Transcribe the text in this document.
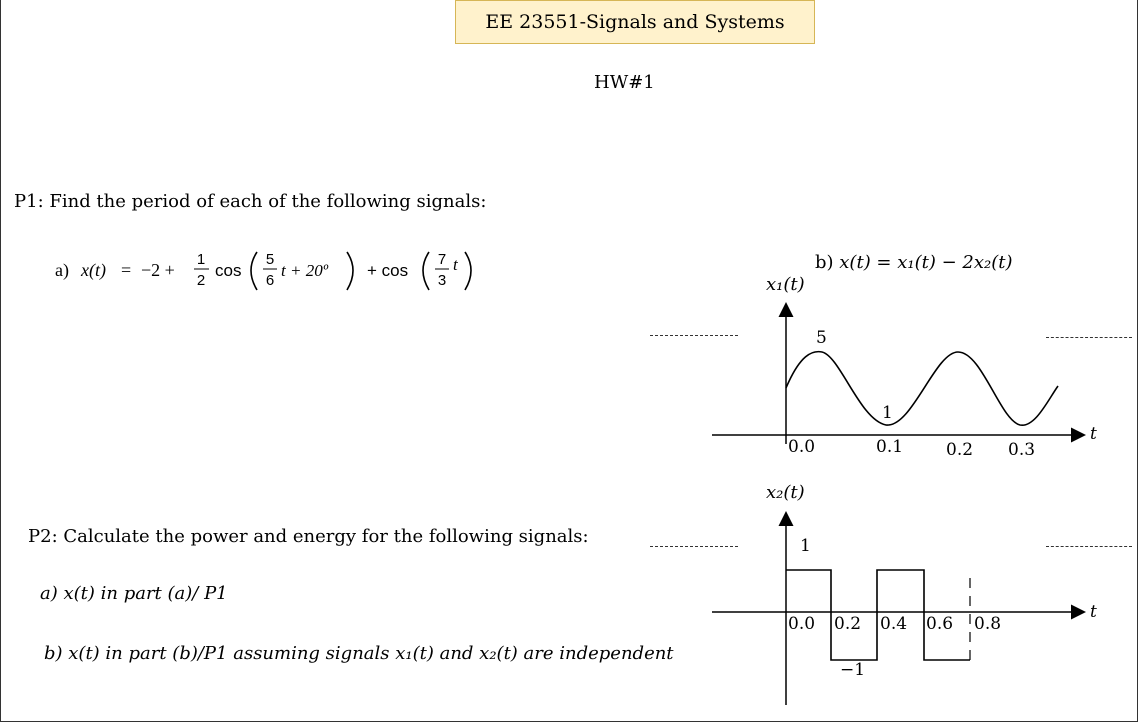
EE 23551-Signals and Systems
HW#1
P1: Find the period of each of the following signals:
a) x(t) = −2 +
1
2
cos
5
6
t + 20º + cos
7
3
t	b) x(t) = x₁(t) − 2x₂(t)
P2: Calculate the power and energy for the following signals:
a) x(t) in part (a)/ P1
b) x(t) in part (b)/P1 assuming signals x₁(t) and x₂(t) are independent
x₁(t)
5
1
0.0	0.1	0.2 0.3
t
x₂(t)
1
−1
0.0 0.2 0.4 0.6 0.8
t
